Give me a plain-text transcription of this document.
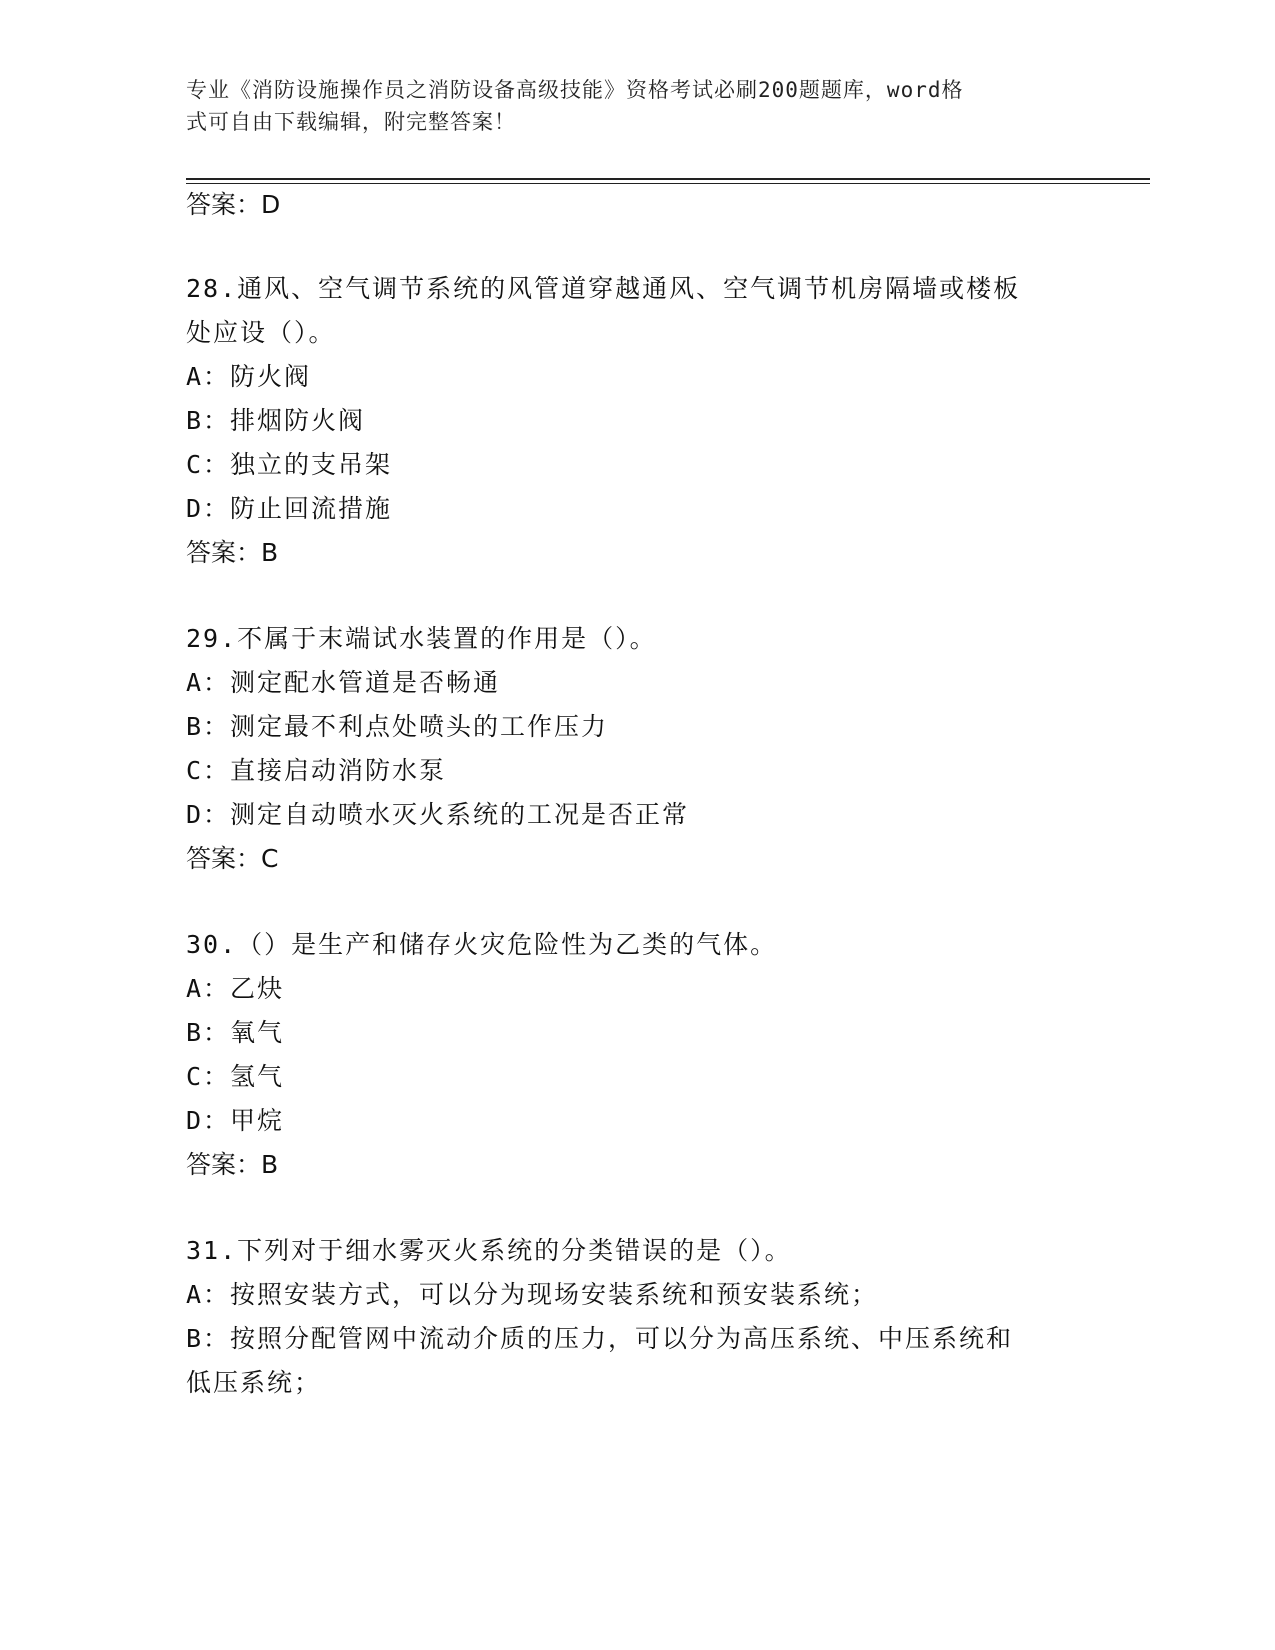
专业《消防设施操作员之消防设备高级技能》资格考试必刷200题题库，word格
式可自由下载编辑，附完整答案！
答案：D
28.通风、空气调节系统的风管道穿越通风、空气调节机房隔墙或楼板
处应设（）。
A：防火阀
B：排烟防火阀
C：独立的支吊架
D：防止回流措施
答案：B
29.不属于末端试水装置的作用是（）。
A：测定配水管道是否畅通
B：测定最不利点处喷头的工作压力
C：直接启动消防水泵
D：测定自动喷水灭火系统的工况是否正常
答案：C
30.（）是生产和储存火灾危险性为乙类的气体。
A：乙炔
B：氧气
C：氢气
D：甲烷
答案：B
31.下列对于细水雾灭火系统的分类错误的是（）。
A：按照安装方式，可以分为现场安装系统和预安装系统；
B：按照分配管网中流动介质的压力，可以分为高压系统、中压系统和
低压系统；
